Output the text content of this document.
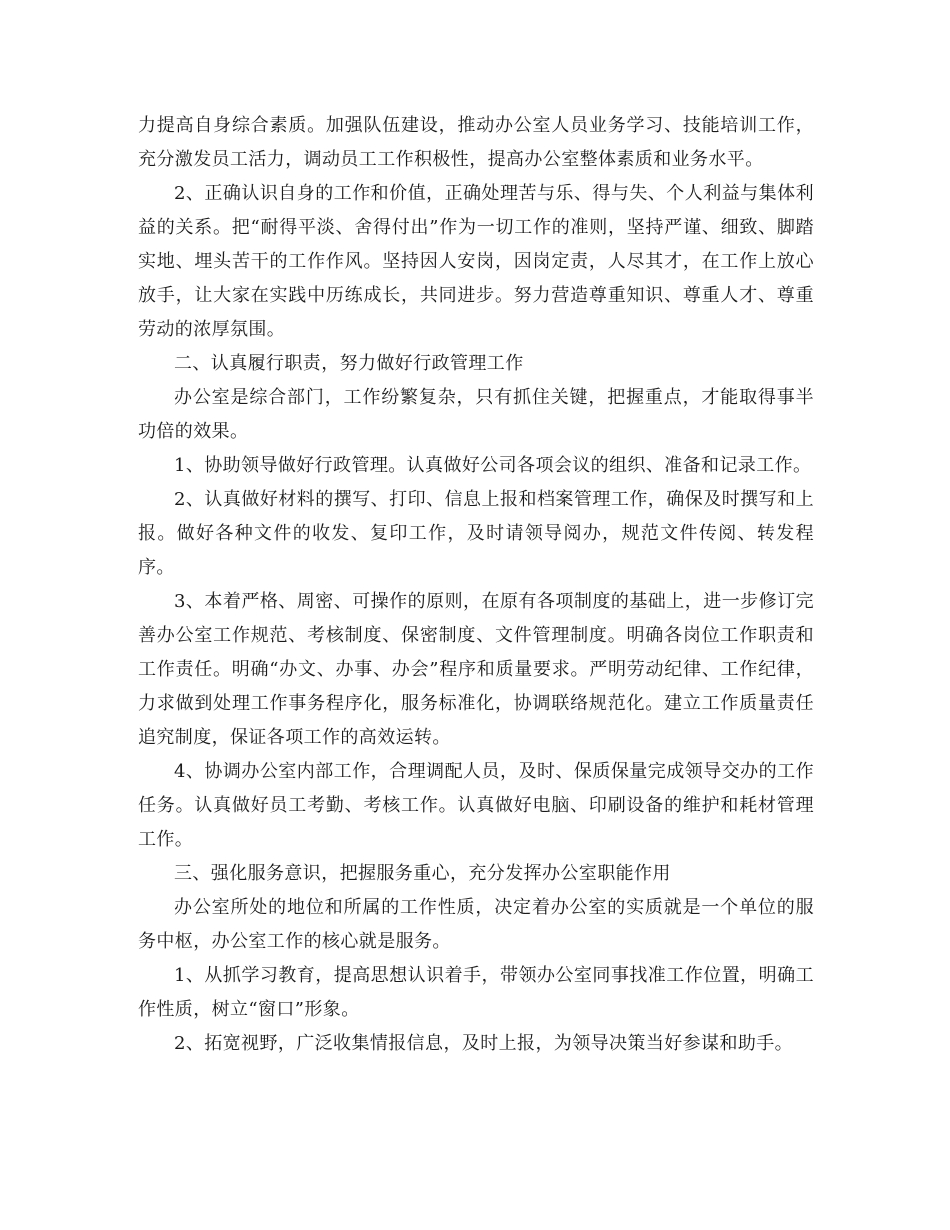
力提高自身综合素质。加强队伍建设，推动办公室人员业务学习、技能培训工作，充分激发员工活力，调动员工工作积极性，提高办公室整体素质和业务水平。

2、正确认识自身的工作和价值，正确处理苦与乐、得与失、个人利益与集体利益的关系。把“耐得平淡、舍得付出”作为一切工作的准则，坚持严谨、细致、脚踏实地、埋头苦干的工作作风。坚持因人安岗，因岗定责，人尽其才，在工作上放心放手，让大家在实践中历练成长，共同进步。努力营造尊重知识、尊重人才、尊重劳动的浓厚氛围。

二、认真履行职责，努力做好行政管理工作

办公室是综合部门，工作纷繁复杂，只有抓住关键，把握重点，才能取得事半功倍的效果。

1、协助领导做好行政管理。认真做好公司各项会议的组织、准备和记录工作。

2、认真做好材料的撰写、打印、信息上报和档案管理工作，确保及时撰写和上报。做好各种文件的收发、复印工作，及时请领导阅办，规范文件传阅、转发程序。

3、本着严格、周密、可操作的原则，在原有各项制度的基础上，进一步修订完善办公室工作规范、考核制度、保密制度、文件管理制度。明确各岗位工作职责和工作责任。明确“办文、办事、办会”程序和质量要求。严明劳动纪律、工作纪律，力求做到处理工作事务程序化，服务标准化，协调联络规范化。建立工作质量责任追究制度，保证各项工作的高效运转。

4、协调办公室内部工作，合理调配人员，及时、保质保量完成领导交办的工作任务。认真做好员工考勤、考核工作。认真做好电脑、印刷设备的维护和耗材管理工作。

三、强化服务意识，把握服务重心，充分发挥办公室职能作用

办公室所处的地位和所属的工作性质，决定着办公室的实质就是一个单位的服务中枢，办公室工作的核心就是服务。

1、从抓学习教育，提高思想认识着手，带领办公室同事找准工作位置，明确工作性质，树立“窗口”形象。

2、拓宽视野，广泛收集情报信息，及时上报，为领导决策当好参谋和助手。
